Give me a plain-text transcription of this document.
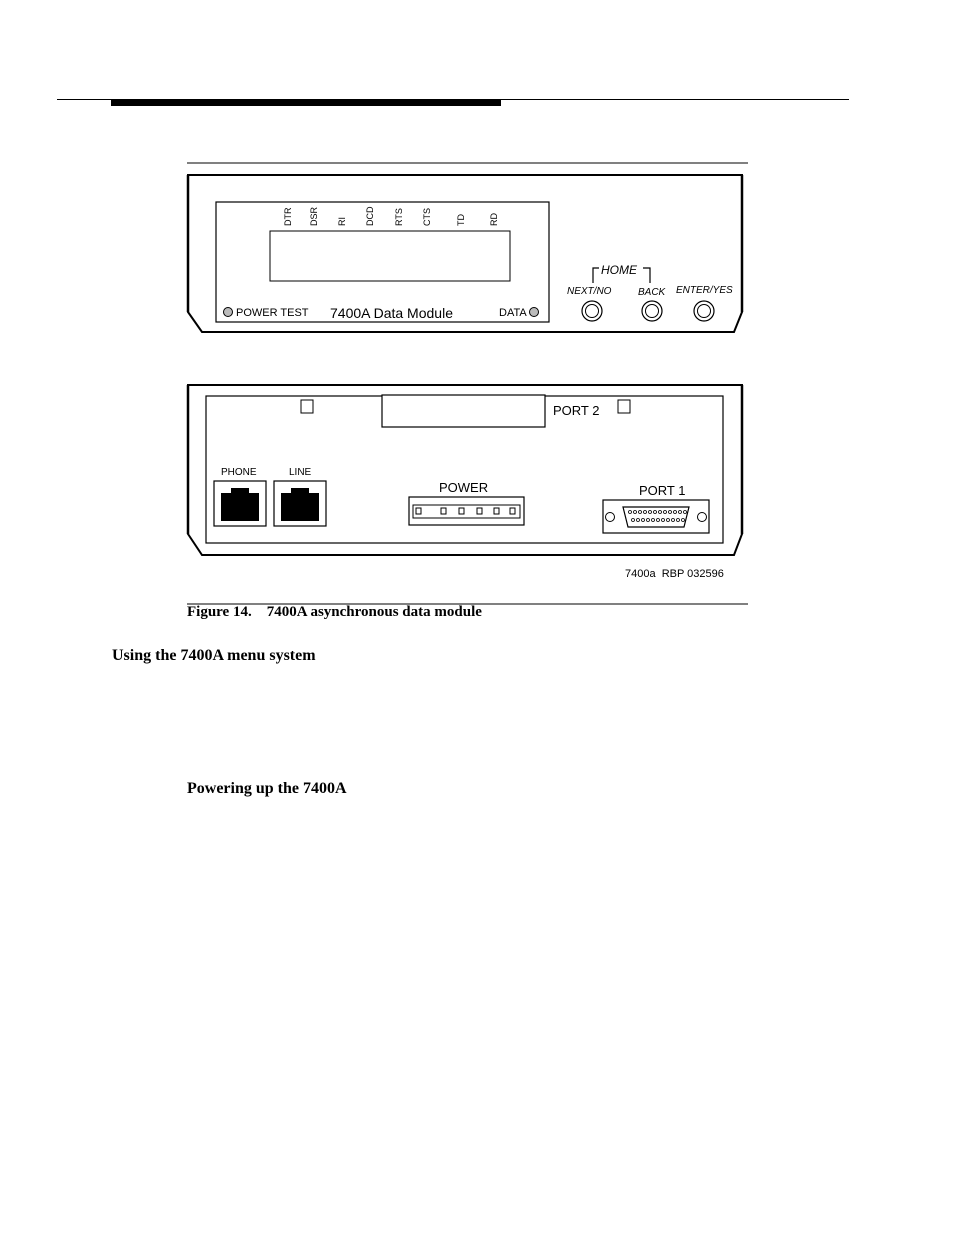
DTR DSR RI DCD RTS CTS	TD	RD
POWER TEST 7400A Data Module	DATA
HOME
NEXT/NO	BACK ENTER/YES
PORT 2
PHONE	LINE
POWER	PORT 1
7400a  RBP 032596
Figure 14.    7400A asynchronous data module
Using the 7400A menu system
Powering up the 7400A
